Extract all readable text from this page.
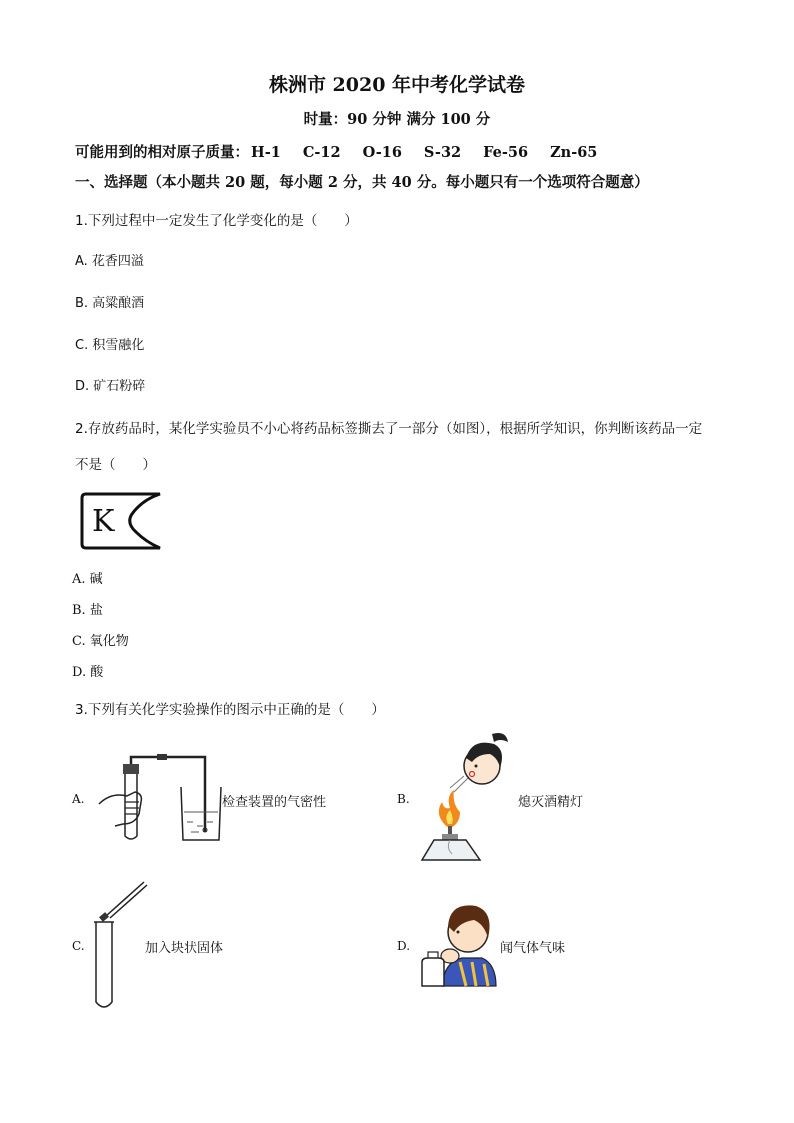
株洲市 2020 年中考化学试卷
时量：90 分钟 满分 100 分
可能用到的相对原子质量： H-1 C-12 O-16 S-32 Fe-56 Zn-65
一、选择题（本小题共 20 题，每小题 2 分，共 40 分。每小题只有一个选项符合题意）
1.下列过程中一定发生了化学变化的是（　　）
A. 花香四溢
B. 高粱酿酒
C. 积雪融化
D. 矿石粉碎
2.存放药品时，某化学实验员不小心将药品标签撕去了一部分（如图），根据所学知识，你判断该药品一定
不是（　　）
K
A. 碱
B. 盐
C. 氧化物
D. 酸
3.下列有关化学实验操作的图示中正确的是（　　）
A.	检查装置的气密性	B.	熄灭酒精灯
C.	加入块状固体	D.	闻气体气味
